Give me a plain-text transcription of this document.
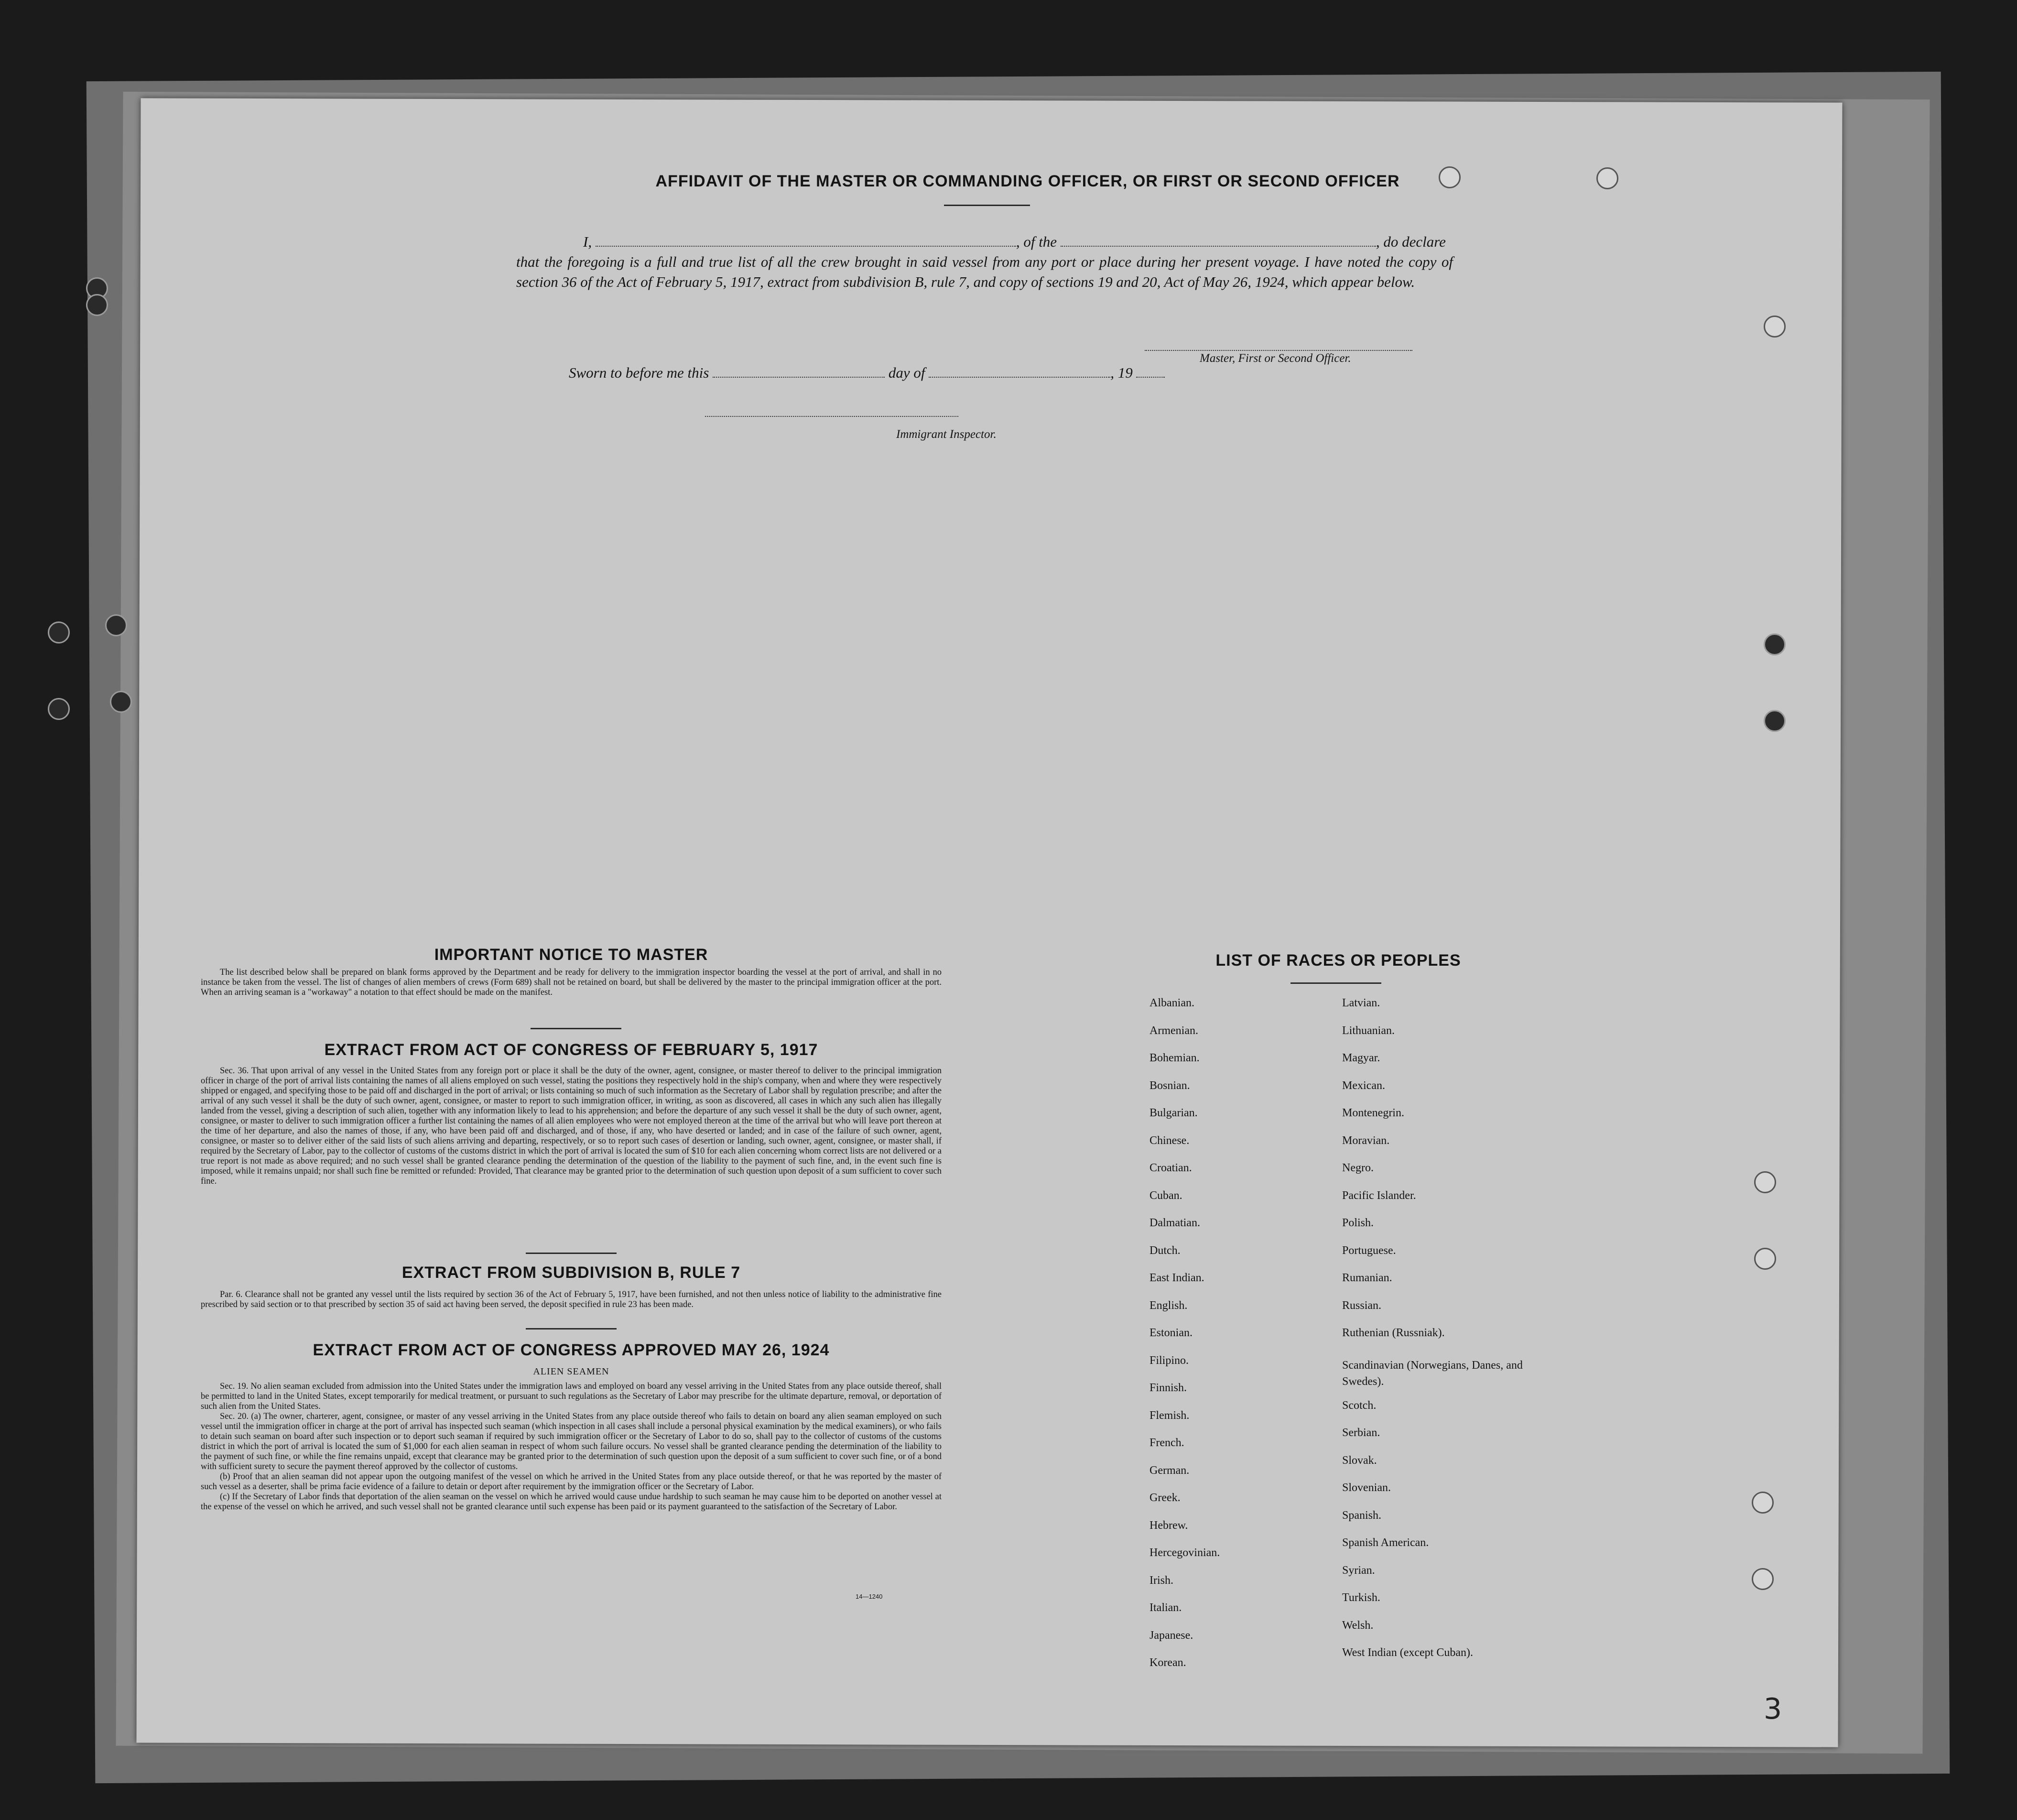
AFFIDAVIT OF THE MASTER OR COMMANDING OFFICER, OR FIRST OR SECOND OFFICER
I,	, of the	, do declare
that the foregoing is a full and true list of all the crew brought in said vessel from any port or place during her present voyage. I have noted the copy of section 36 of the Act of February 5, 1917, extract from subdivision B, rule 7, and copy of sections 19 and 20, Act of May 26, 1924, which appear below.
Master, First or Second Officer.
Sworn to before me this	day of	, 19
Immigrant Inspector.
IMPORTANT NOTICE TO MASTER

The list described below shall be prepared on blank forms approved by the Department and be ready for delivery to the immigration inspector boarding the vessel at the port of arrival, and shall in no instance be taken from the vessel. The list of changes of alien members of crews (Form 689) shall not be retained on board, but shall be delivered by the master to the principal immigration officer at the port. When an arriving seaman is a "workaway" a notation to that effect should be made on the manifest.

EXTRACT FROM ACT OF CONGRESS OF FEBRUARY 5, 1917

Sec. 36. That upon arrival of any vessel in the United States from any foreign port or place it shall be the duty of the owner, agent, consignee, or master thereof to deliver to the principal immigration officer in charge of the port of arrival lists containing the names of all aliens employed on such vessel, stating the positions they respectively hold in the ship's company, when and where they were respectively shipped or engaged, and specifying those to be paid off and discharged in the port of arrival; or lists containing so much of such information as the Secretary of Labor shall by regulation prescribe; and after the arrival of any such vessel it shall be the duty of such owner, agent, consignee, or master to report to such immigration officer, in writing, as soon as discovered, all cases in which any such alien has illegally landed from the vessel, giving a description of such alien, together with any information likely to lead to his apprehension; and before the departure of any such vessel it shall be the duty of such owner, agent, consignee, or master to deliver to such immigration officer a further list containing the names of all alien employees who were not employed thereon at the time of the arrival but who will leave port thereon at the time of her departure, and also the names of those, if any, who have been paid off and discharged, and of those, if any, who have deserted or landed; and in case of the failure of such owner, agent, consignee, or master so to deliver either of the said lists of such aliens arriving and departing, respectively, or so to report such cases of desertion or landing, such owner, agent, consignee, or master shall, if required by the Secretary of Labor, pay to the collector of customs of the customs district in which the port of arrival is located the sum of $10 for each alien concerning whom correct lists are not delivered or a true report is not made as above required; and no such vessel shall be granted clearance pending the determination of the question of the liability to the payment of such fine, and, in the event such fine is imposed, while it remains unpaid; nor shall such fine be remitted or refunded: Provided, That clearance may be granted prior to the determination of such question upon deposit of a sum sufficient to cover such fine.

EXTRACT FROM SUBDIVISION B, RULE 7

Par. 6. Clearance shall not be granted any vessel until the lists required by section 36 of the Act of February 5, 1917, have been furnished, and not then unless notice of liability to the administrative fine prescribed by said section or to that prescribed by section 35 of said act having been served, the deposit specified in rule 23 has been made.

EXTRACT FROM ACT OF CONGRESS APPROVED MAY 26, 1924
ALIEN SEAMEN

Sec. 19. No alien seaman excluded from admission into the United States under the immigration laws and employed on board any vessel arriving in the United States from any place outside thereof, shall be permitted to land in the United States, except temporarily for medical treatment, or pursuant to such regulations as the Secretary of Labor may prescribe for the ultimate departure, removal, or deportation of such alien from the United States.

Sec. 20. (a) The owner, charterer, agent, consignee, or master of any vessel arriving in the United States from any place outside thereof who fails to detain on board any alien seaman employed on such vessel until the immigration officer in charge at the port of arrival has inspected such seaman (which inspection in all cases shall include a personal physical examination by the medical examiners), or who fails to detain such seaman on board after such inspection or to deport such seaman if required by such immigration officer or the Secretary of Labor to do so, shall pay to the collector of customs of the customs district in which the port of arrival is located the sum of $1,000 for each alien seaman in respect of whom such failure occurs. No vessel shall be granted clearance pending the determination of the liability to the payment of such fine, or while the fine remains unpaid, except that clearance may be granted prior to the determination of such question upon the deposit of a sum sufficient to cover such fine, or of a bond with sufficient surety to secure the payment thereof approved by the collector of customs.

(b) Proof that an alien seaman did not appear upon the outgoing manifest of the vessel on which he arrived in the United States from any place outside thereof, or that he was reported by the master of such vessel as a deserter, shall be prima facie evidence of a failure to detain or deport after requirement by the immigration officer or the Secretary of Labor.

(c) If the Secretary of Labor finds that deportation of the alien seaman on the vessel on which he arrived would cause undue hardship to such seaman he may cause him to be deported on another vessel at the expense of the vessel on which he arrived, and such vessel shall not be granted clearance until such expense has been paid or its payment guaranteed to the satisfaction of the Secretary of Labor.

14—1240
LIST OF RACES OR PEOPLES
Albanian.
Armenian.
Bohemian.
Bosnian.
Bulgarian.
Chinese.
Croatian.
Cuban.
Dalmatian.
Dutch.
East Indian.
English.
Estonian.
Filipino.
Finnish.
Flemish.
French.
German.
Greek.
Hebrew.
Hercegovinian.
Irish.
Italian.
Japanese.
Korean.
Latvian.
Lithuanian.
Magyar.
Mexican.
Montenegrin.
Moravian.
Negro.
Pacific Islander.
Polish.
Portuguese.
Rumanian.
Russian.
Ruthenian (Russniak).
Scandinavian (Norwegians, Danes, and Swedes).
Scotch.
Serbian.
Slovak.
Slovenian.
Spanish.
Spanish American.
Syrian.
Turkish.
Welsh.
West Indian (except Cuban).
3
